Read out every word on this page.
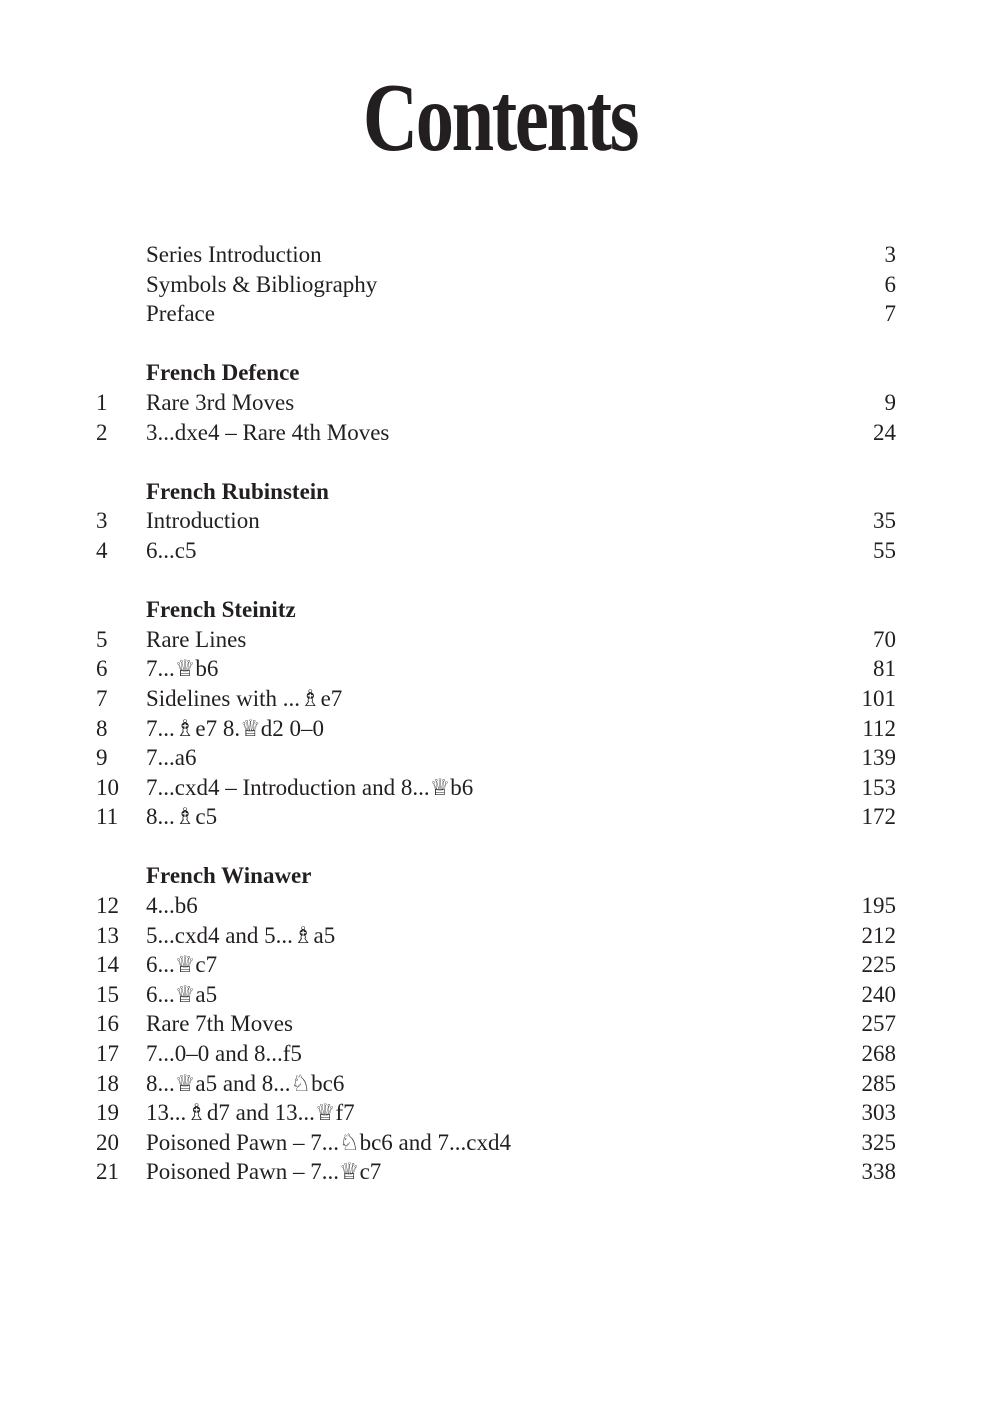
Contents
Series Introduction	3
Symbols & Bibliography	6
Preface	7
French Defence
1 Rare 3rd Moves	9
2 3...dxe4 – Rare 4th Moves	24
French Rubinstein
3 Introduction	35
4 6...c5	55
French Steinitz
5 Rare Lines	70
6 7...♕b6	81
7 Sidelines with ...♗e7	101
8 7...♗e7 8.♕d2 0–0	112
9 7...a6	139
10 7...cxd4 – Introduction and 8...♕b6	153
11 8...♗c5	172
French Winawer
12 4...b6	195
13 5...cxd4 and 5...♗a5	212
14 6...♕c7	225
15 6...♕a5	240
16 Rare 7th Moves	257
17 7...0–0 and 8...f5	268
18 8...♕a5 and 8...♘bc6	285
19 13...♗d7 and 13...♕f7	303
20 Poisoned Pawn – 7...♘bc6 and 7...cxd4	325
21 Poisoned Pawn – 7...♕c7	338
